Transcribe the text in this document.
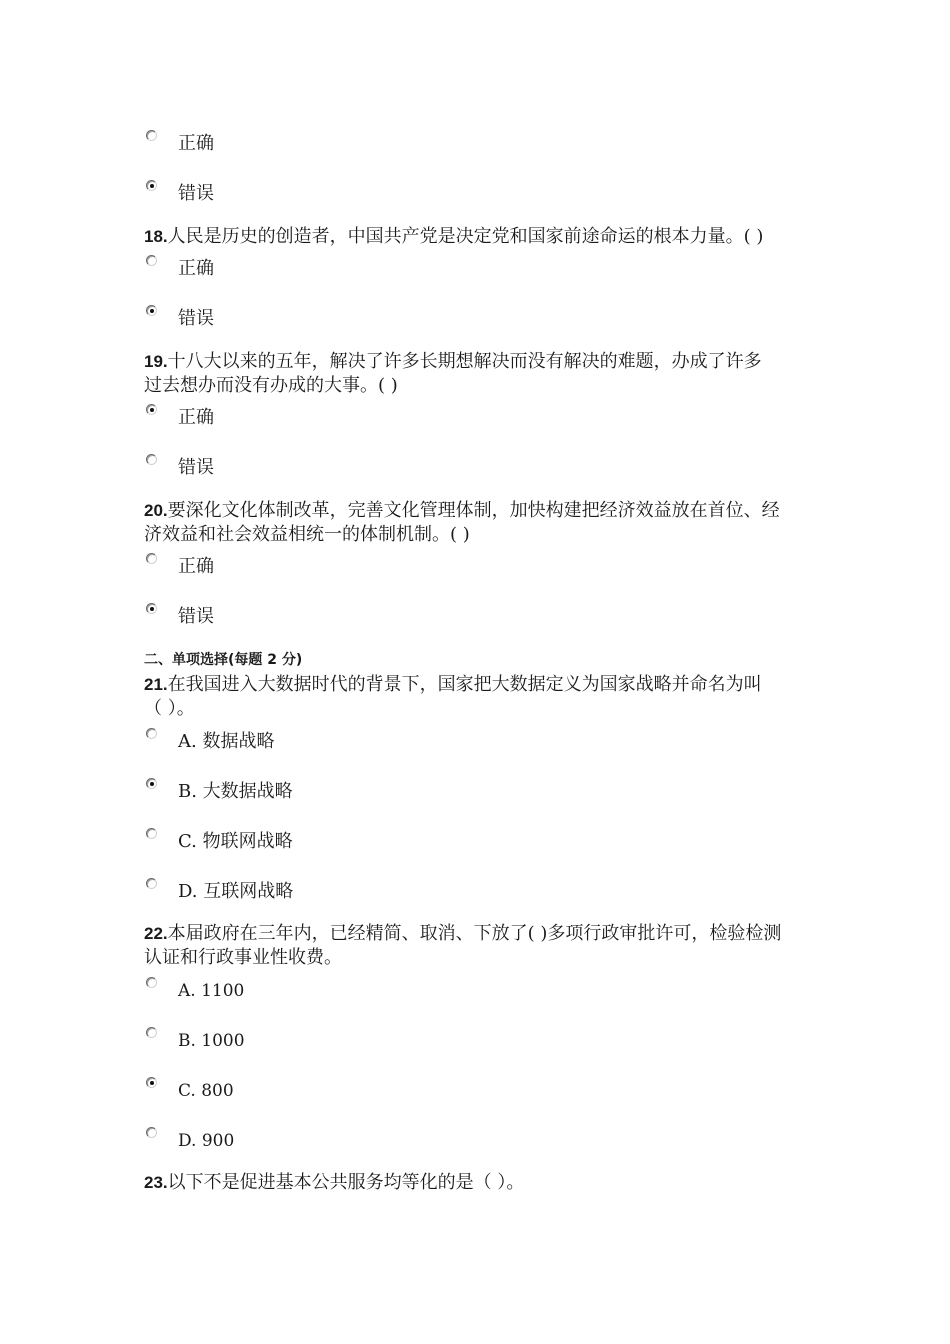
正确
错误
18.人民是历史的创造者，中国共产党是决定党和国家前途命运的根本力量。( )
正确
错误
19.十八大以来的五年，解决了许多长期想解决而没有解决的难题，办成了许多
过去想办而没有办成的大事。( )
正确
错误
20.要深化文化体制改革，完善文化管理体制，加快构建把经济效益放在首位、经
济效益和社会效益相统一的体制机制。( )
正确
错误
二、单项选择(每题 2 分)
21.在我国进入大数据时代的背景下，国家把大数据定义为国家战略并命名为叫
（ ）。
A. 数据战略
B. 大数据战略
C. 物联网战略
D. 互联网战略
22.本届政府在三年内，已经精简、取消、下放了( )多项行政审批许可，检验检测
认证和行政事业性收费。
A. 1100
B. 1000
C. 800
D. 900
23.以下不是促进基本公共服务均等化的是（ ）。
